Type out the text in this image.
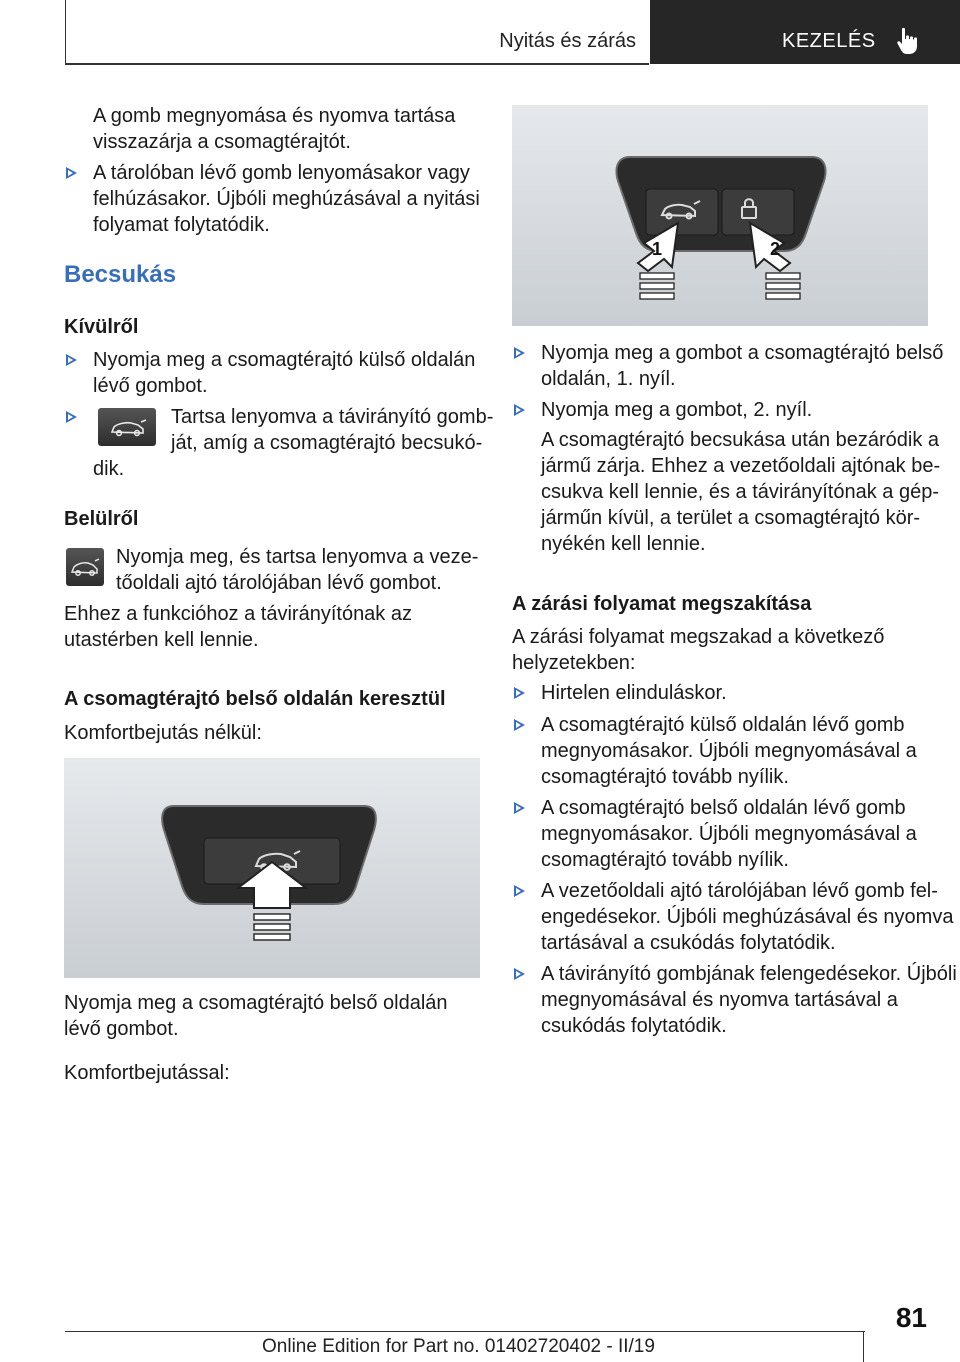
Nyitás és zárás	KEZELÉS

A gomb megnyomása és nyomva tartása visszazárja a csomagtérajtót.

A tárolóban lévő gomb lenyomásakor vagy felhúzásakor. Újbóli meghúzásával a nyitási folyamat folytatódik.
Becsukás
Kívülről
Nyomja meg a csomagtérajtó külső oldalán lévő gombot.
Tartsa lenyomva a távirányító gomb-
ját, amíg a csomagtérajtó becsukó-
dik.
Belülről
Nyomja meg, és tartsa lenyomva a veze-
tőoldali ajtó tárolójában lévő gombot.

Ehhez a funkcióhoz a távirányítónak az utastérben kell lennie.

A csomagtérajtó belső oldalán keresztül

Komfortbejutás nélkül:

Nyomja meg a csomagtérajtó belső oldalán lévő gombot.

Komfortbejutással:

1	2
Nyomja meg a gombot a csomagtérajtó belső oldalán, 1. nyíl.
Nyomja meg a gombot, 2. nyíl.

A csomagtérajtó becsukása után bezáródik a jármű zárja. Ehhez a vezetőoldali ajtónak becsukva kell lennie, és a távirányítónak a gépjárműn kívül, a terület a csomagtérajtó környékén kell lennie.

A zárási folyamat megszakítása

A zárási folyamat megszakad a következő helyzetekben:

Hirtelen elinduláskor.
A csomagtérajtó külső oldalán lévő gomb megnyomásakor. Újbóli megnyomásával a csomagtérajtó tovább nyílik.
A csomagtérajtó belső oldalán lévő gomb megnyomásakor. Újbóli megnyomásával a csomagtérajtó tovább nyílik.
A vezetőoldali ajtó tárolójában lévő gomb felengedésekor. Újbóli meghúzásával és nyomva tartásával a csukódás folytatódik.
A távirányító gombjának felengedésekor. Újbóli megnyomásával és nyomva tartásával a csukódás folytatódik.
81
Online Edition for Part no. 01402720402 - II/19
